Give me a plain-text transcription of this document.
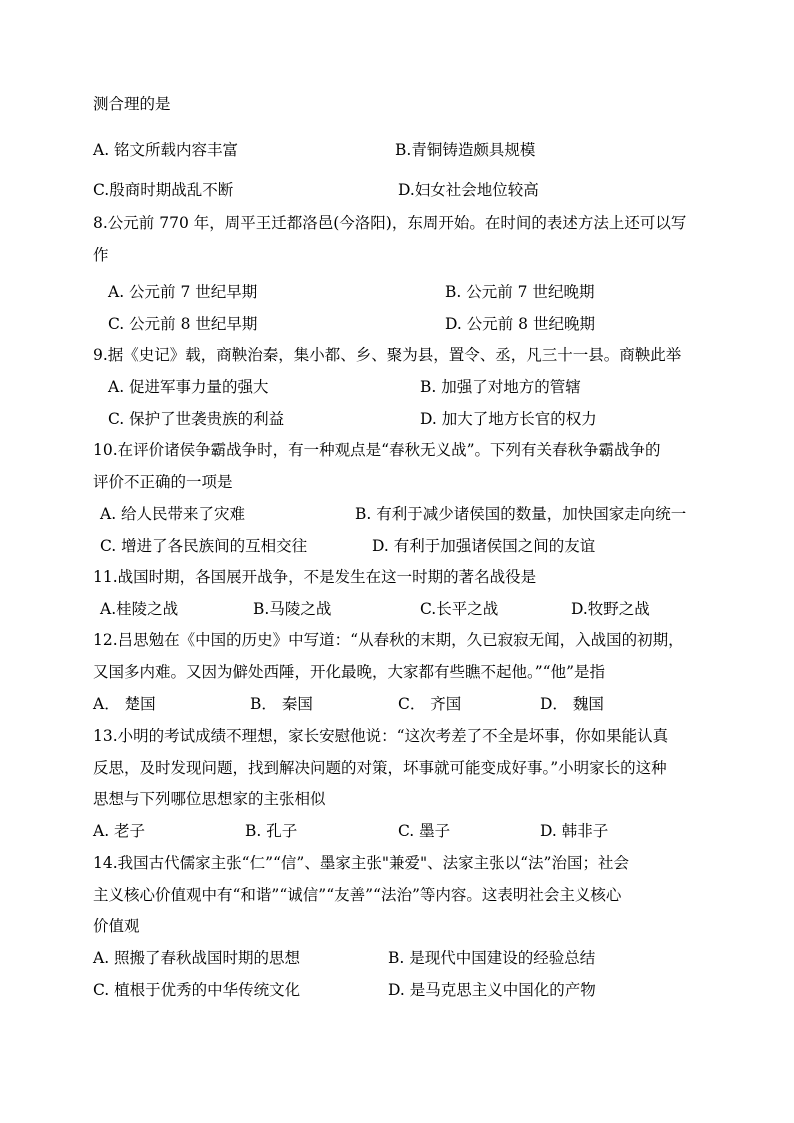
测合理的是
A. 铭文所载内容丰富	B.青铜铸造颇具规模
C.殷商时期战乱不断	D.妇女社会地位较高
8.公元前 770 年，周平王迁都洛邑(今洛阳)，东周开始。在时间的表述方法上还可以写
作
A. 公元前 7 世纪早期	B. 公元前 7 世纪晚期
C. 公元前 8 世纪早期	D. 公元前 8 世纪晚期
9.据《史记》载，商鞅治秦，集小都、乡、聚为县，置令、丞，凡三十一县。商鞅此举
A. 促进军事力量的强大	B. 加强了对地方的管辖
C. 保护了世袭贵族的利益	D. 加大了地方长官的权力
10.在评价诸侯争霸战争时，有一种观点是“春秋无义战”。下列有关春秋争霸战争的
评价不正确的一项是
A. 给人民带来了灾难	B. 有利于减少诸侯国的数量，加快国家走向统一
C. 增进了各民族间的互相交往	D. 有利于加强诸侯国之间的友谊
11.战国时期，各国展开战争，不是发生在这一时期的著名战役是
A.桂陵之战	B.马陵之战	C.长平之战	D.牧野之战
12.吕思勉在《中国的历史》中写道：“从春秋的末期，久已寂寂无闻，入战国的初期，
又国多内难。又因为僻处西陲，开化最晚，大家都有些瞧不起他。”“他”是指
A． 楚国	B． 秦国	C． 齐国	D． 魏国
13.小明的考试成绩不理想，家长安慰他说：“这次考差了不全是坏事，你如果能认真
反思，及时发现问题，找到解决问题的对策，坏事就可能变成好事。”小明家长的这种
思想与下列哪位思想家的主张相似
A. 老子	B. 孔子	C. 墨子	D. 韩非子
14.我国古代儒家主张“仁”“信”、墨家主张"兼爱"、法家主张以“法”治国；社会
主义核心价值观中有“和谐”“诚信”“友善”“法治”等内容。这表明社会主义核心
价值观
A. 照搬了春秋战国时期的思想	B. 是现代中国建设的经验总结
C. 植根于优秀的中华传统文化	D. 是马克思主义中国化的产物
